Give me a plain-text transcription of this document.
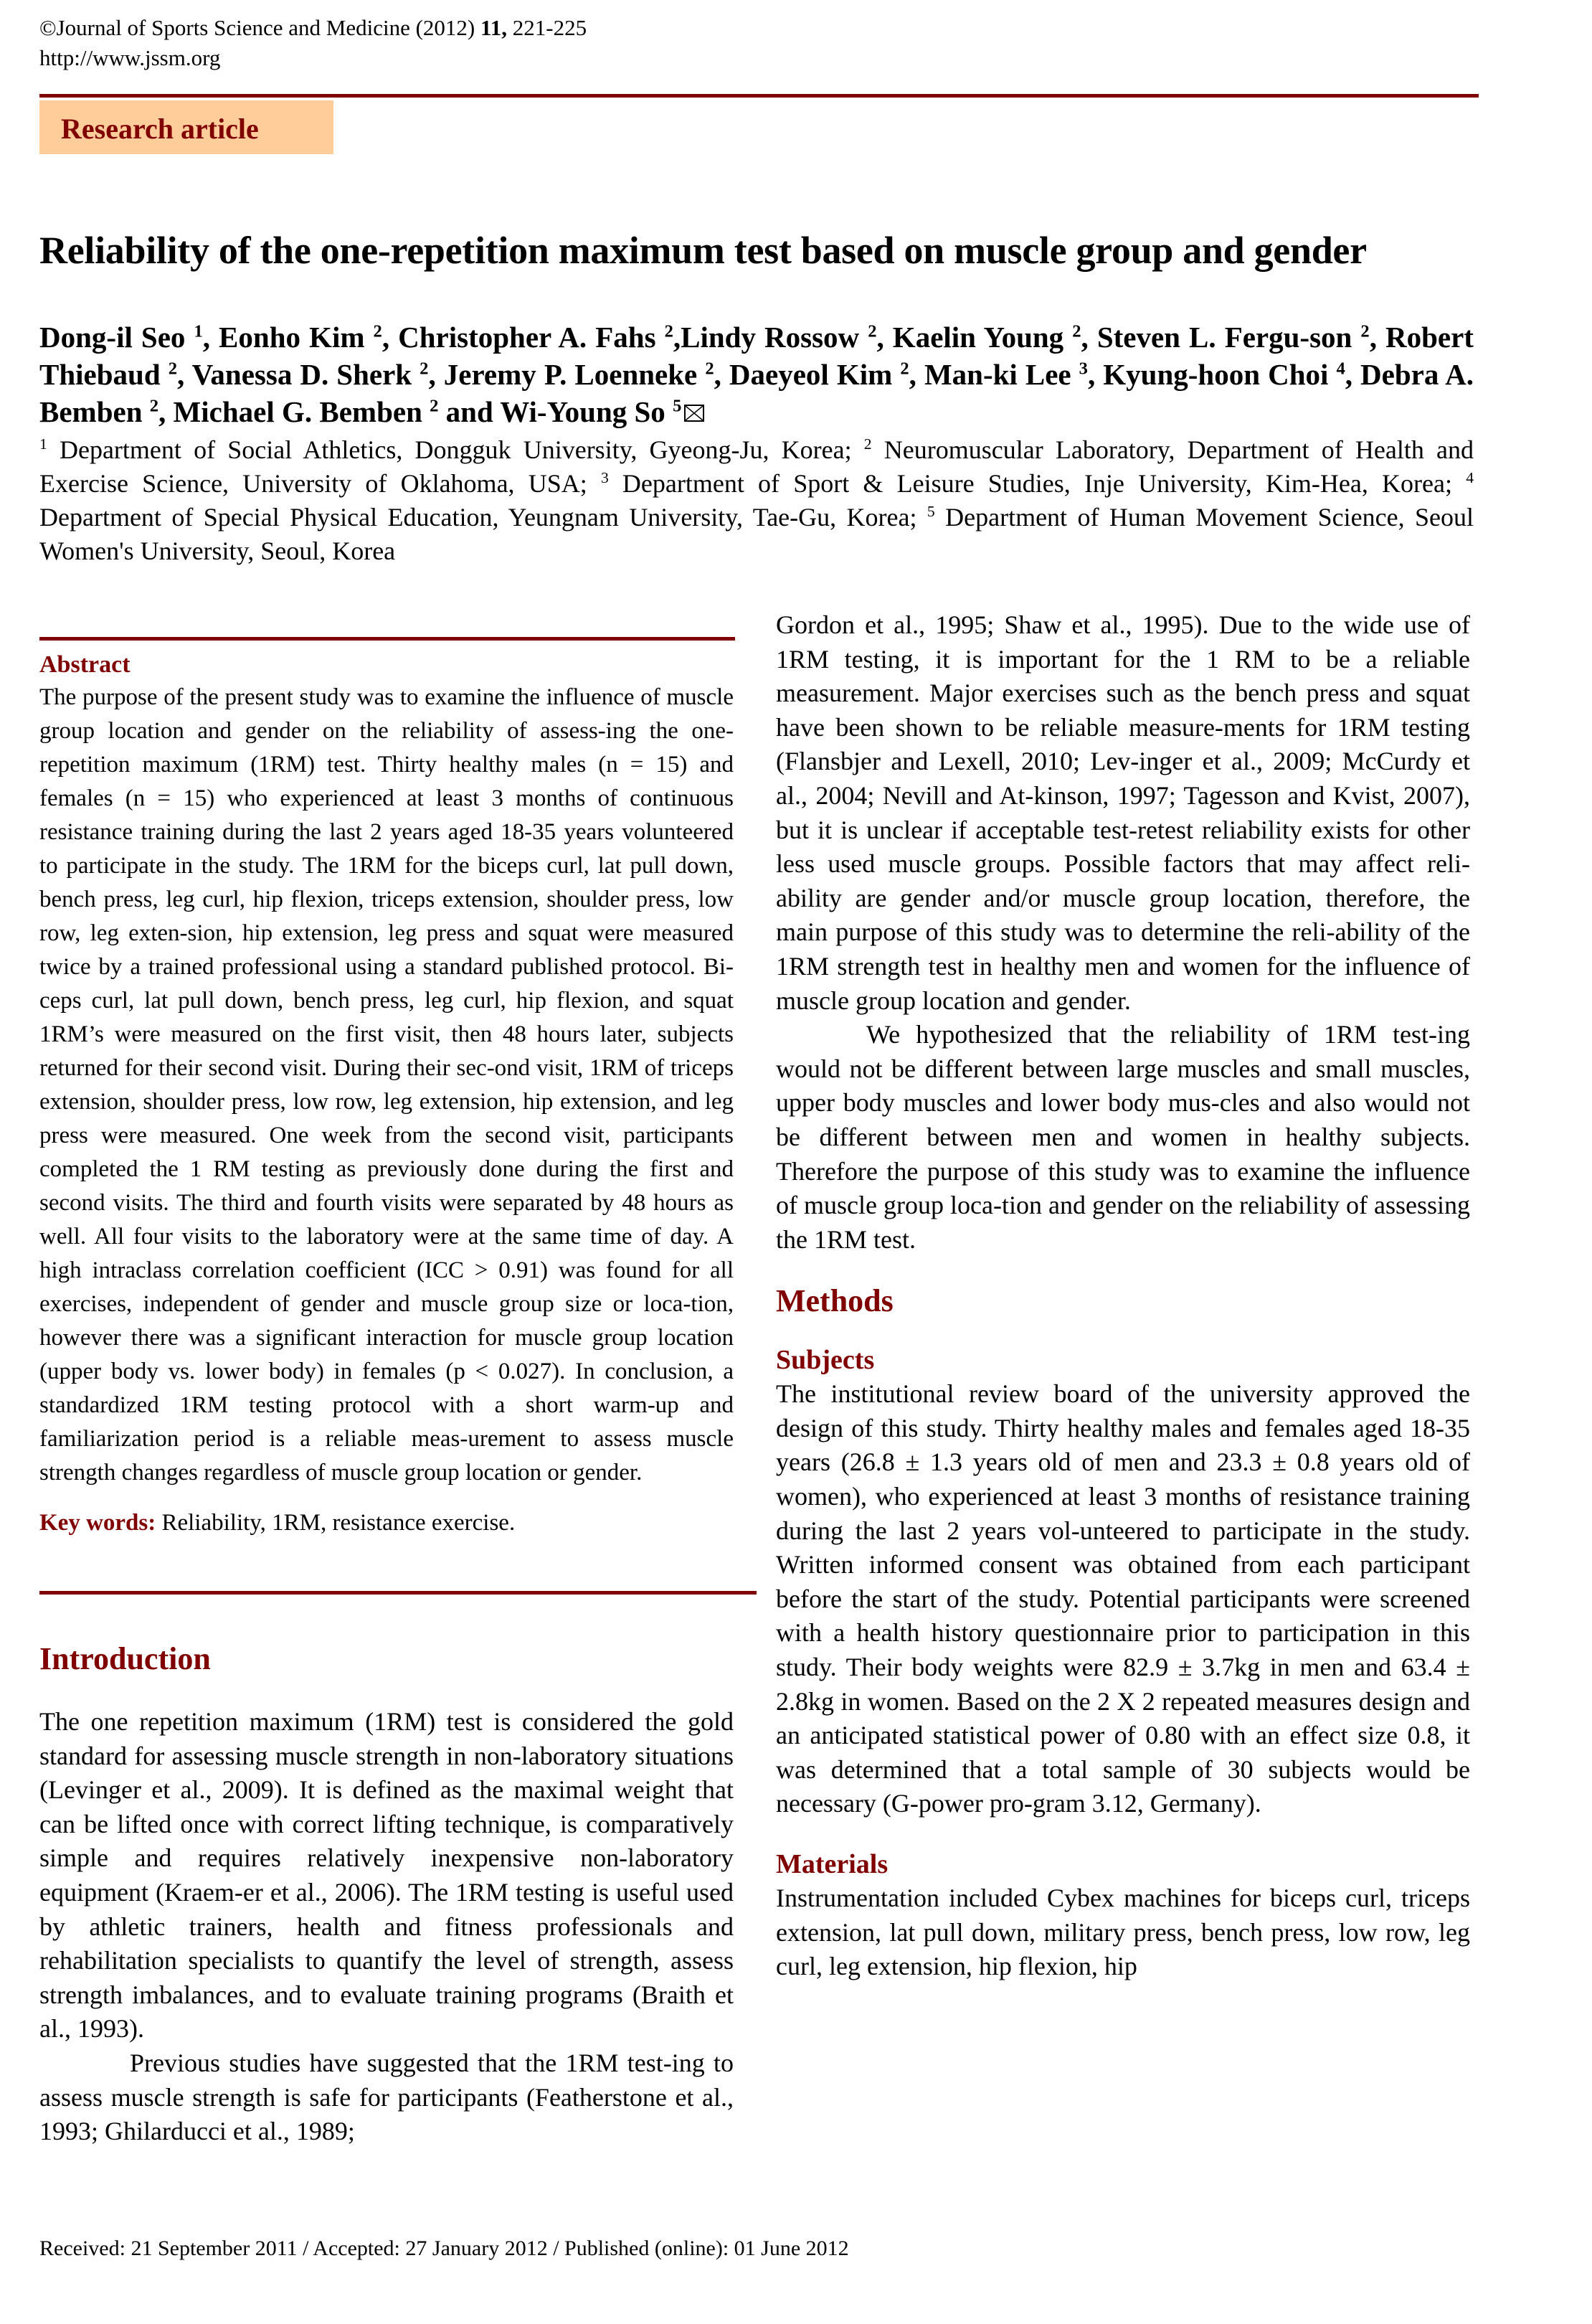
©Journal of Sports Science and Medicine (2012) 11, 221-225
http://www.jssm.org
Research article
Reliability of the one-repetition maximum test based on muscle group and gender
Dong-il Seo $^1$, Eonho Kim $^2$, Christopher A. Fahs $^2$,Lindy Rossow $^2$, Kaelin Young $^2$, Steven L. Fergu-son $^2$, Robert Thiebaud $^2$, Vanessa D. Sherk $^2$, Jeremy P. Loenneke $^2$, Daeyeol Kim $^2$, Man-ki Lee $^3$, Kyung-hoon Choi $^4$, Debra A. Bemben $^2$, Michael G. Bemben $^2$ and Wi-Young So $^5$
$^1$ Department of Social Athletics, Dongguk University, Gyeong-Ju, Korea; $^2$ Neuromuscular Laboratory, Department of Health and Exercise Science, University of Oklahoma, USA; $^3$ Department of Sport & Leisure Studies, Inje University, Kim-Hea, Korea; $^4$ Department of Special Physical Education, Yeungnam University, Tae-Gu, Korea; $^5$ Department of Human Movement Science, Seoul Women's University, Seoul, Korea
Abstract

The purpose of the present study was to examine the influence of muscle group location and gender on the reliability of assess-ing the one-repetition maximum (1RM) test. Thirty healthy males (n = 15) and females (n = 15) who experienced at least 3 months of continuous resistance training during the last 2 years aged 18-35 years volunteered to participate in the study. The 1RM for the biceps curl, lat pull down, bench press, leg curl, hip flexion, triceps extension, shoulder press, low row, leg exten-sion, hip extension, leg press and squat were measured twice by a trained professional using a standard published protocol. Bi-ceps curl, lat pull down, bench press, leg curl, hip flexion, and squat 1RM’s were measured on the first visit, then 48 hours later, subjects returned for their second visit. During their sec-ond visit, 1RM of triceps extension, shoulder press, low row, leg extension, hip extension, and leg press were measured. One week from the second visit, participants completed the 1 RM testing as previously done during the first and second visits. The third and fourth visits were separated by 48 hours as well. All four visits to the laboratory were at the same time of day. A high intraclass correlation coefficient (ICC > 0.91) was found for all exercises, independent of gender and muscle group size or loca-tion, however there was a significant interaction for muscle group location (upper body vs. lower body) in females (p < 0.027). In conclusion, a standardized 1RM testing protocol with a short warm-up and familiarization period is a reliable meas-urement to assess muscle strength changes regardless of muscle group location or gender.

Key words: Reliability, 1RM, resistance exercise.
Introduction

The one repetition maximum (1RM) test is considered the gold standard for assessing muscle strength in non-laboratory situations (Levinger et al., 2009). It is defined as the maximal weight that can be lifted once with correct lifting technique, is comparatively simple and requires relatively inexpensive non-laboratory equipment (Kraem-er et al., 2006). The 1RM testing is useful used by athletic trainers, health and fitness professionals and rehabilitation specialists to quantify the level of strength, assess strength imbalances, and to evaluate training programs (Braith et al., 1993).

Previous studies have suggested that the 1RM test-ing to assess muscle strength is safe for participants (Featherstone et al., 1993; Ghilarducci et al., 1989;

Gordon et al., 1995; Shaw et al., 1995). Due to the wide use of 1RM testing, it is important for the 1 RM to be a reliable measurement. Major exercises such as the bench press and squat have been shown to be reliable measure-ments for 1RM testing (Flansbjer and Lexell, 2010; Lev-inger et al., 2009; McCurdy et al., 2004; Nevill and At-kinson, 1997; Tagesson and Kvist, 2007), but it is unclear if acceptable test-retest reliability exists for other less used muscle groups. Possible factors that may affect reli-ability are gender and/or muscle group location, therefore, the main purpose of this study was to determine the reli-ability of the 1RM strength test in healthy men and women for the influence of muscle group location and gender.

We hypothesized that the reliability of 1RM test-ing would not be different between large muscles and small muscles, upper body muscles and lower body mus-cles and also would not be different between men and women in healthy subjects. Therefore the purpose of this study was to examine the influence of muscle group loca-tion and gender on the reliability of assessing the 1RM test.

Methods
Subjects

The institutional review board of the university approved the design of this study. Thirty healthy males and females aged 18-35 years (26.8 ± 1.3 years old of men and 23.3 ± 0.8 years old of women), who experienced at least 3 months of resistance training during the last 2 years vol-unteered to participate in the study. Written informed consent was obtained from each participant before the start of the study. Potential participants were screened with a health history questionnaire prior to participation in this study. Their body weights were 82.9 ± 3.7kg in men and 63.4 ± 2.8kg in women. Based on the 2 X 2 repeated measures design and an anticipated statistical power of 0.80 with an effect size 0.8, it was determined that a total sample of 30 subjects would be necessary (G-power pro-gram 3.12, Germany).

Materials

Instrumentation included Cybex machines for biceps curl, triceps extension, lat pull down, military press, bench press, low row, leg curl, leg extension, hip flexion, hip

Received: 21 September 2011 / Accepted: 27 January 2012 / Published (online): 01 June 2012
